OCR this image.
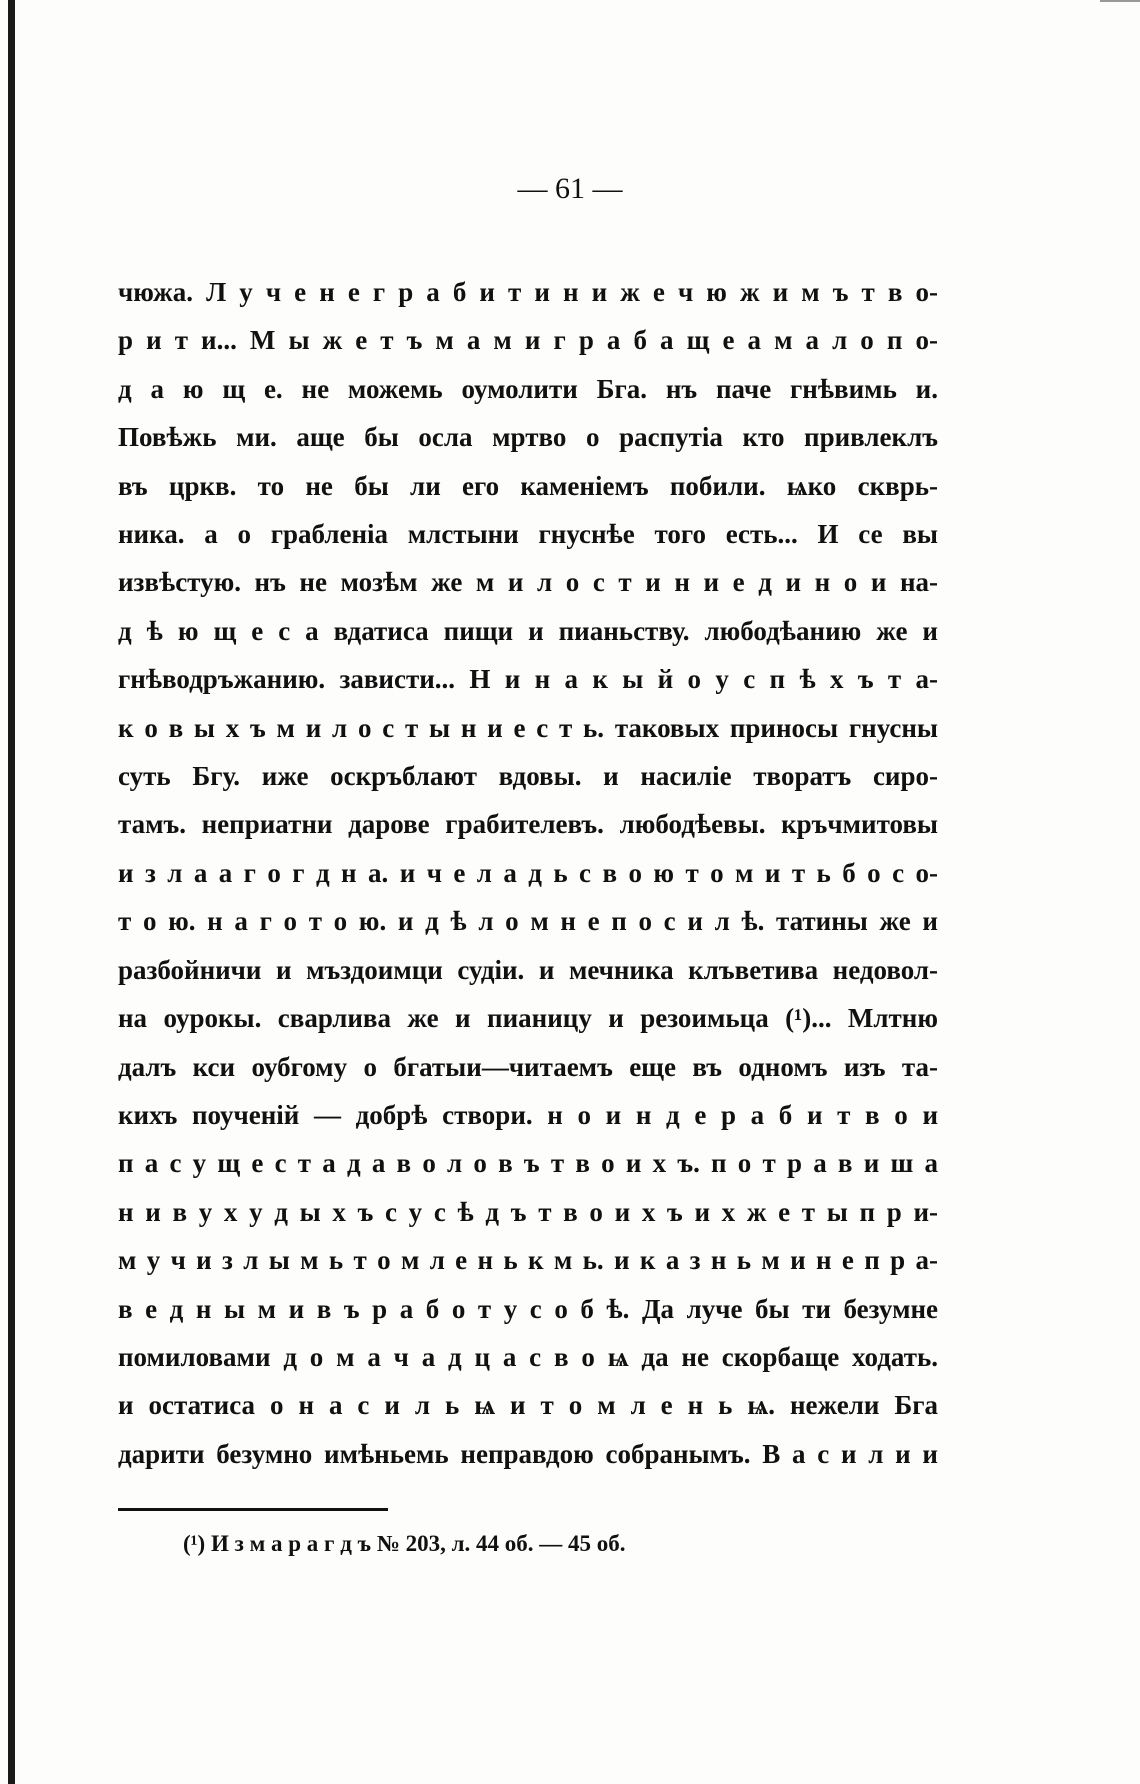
— 61 —
чюжа. Л у ч е н е г р а б и т и н и ж е ч ю ж и м ъ т в о-
р и т и... М ы ж е т ъ м а м и г р а б а щ е а м а л о п о-
д а ю щ е. не можемь оумолити Бга. нъ паче гнѣвимь и.
Повѣжь ми. аще бы осла мртво о распутіа кто привлеклъ
въ цркв. то не бы ли его каменіемъ побили. ѩко скврь-
ника. а о грабленіа млстыни гнуснѣе того есть... И се вы
извѣстую. нъ не мозѣм же м и л о с т и н и е д и н о и на-
д ѣ ю щ е с а вдатиса пищи и пианьству. любодѣанию же и
гнѣводръжанию. зависти... Н и н а к ы й о у с п ѣ х ъ т а-
к о в ы х ъ м и л о с т ы н и е с т ь. таковых приносы гнусны
суть Бгу. иже оскръблают вдовы. и насиліе творатъ сиро-
тамъ. неприатни дарове грабителевъ. любодѣевы. кръчмитовы
и з л а а г о г д н а. и ч е л а д ь с в о ю т о м и т ь б о с о-
т о ю. н а г о т о ю. и д ѣ л о м н е п о с и л ѣ. татины же и
разбойничи и мъздоимци судіи. и мечника клъветива недовол-
на оурокы. сварлива же и пианицу и резоимьца (¹)... Млтню
далъ кси оубгому о бгатыи—читаемъ еще въ одномъ изъ та-
кихъ поученій — добрѣ створи. н о и н д е р а б и т в о и
п а с у щ е с т а д а в о л о в ъ т в о и х ъ. п о т р а в и ш а
н и в у х у д ы х ъ с у с ѣ д ъ т в о и х ъ и х ж е т ы п р и-
м у ч и з л ы м ь т о м л е н ь к м ь. и к а з н ь м и н е п р а-
в е д н ы м и в ъ р а б о т у с о б ѣ. Да луче бы ти безумне
помиловами д о м а ч а д ц а с в о ѩ да не скорбаще ходать.
и остатиса о н а с и л ь ѩ и т о м л е н ь ѩ. нежели Бга
дарити безумно имѣньемь неправдою собранымъ. В а с и л и и
(¹) И з м а р а г д ъ № 203, л. 44 об. — 45 об.
